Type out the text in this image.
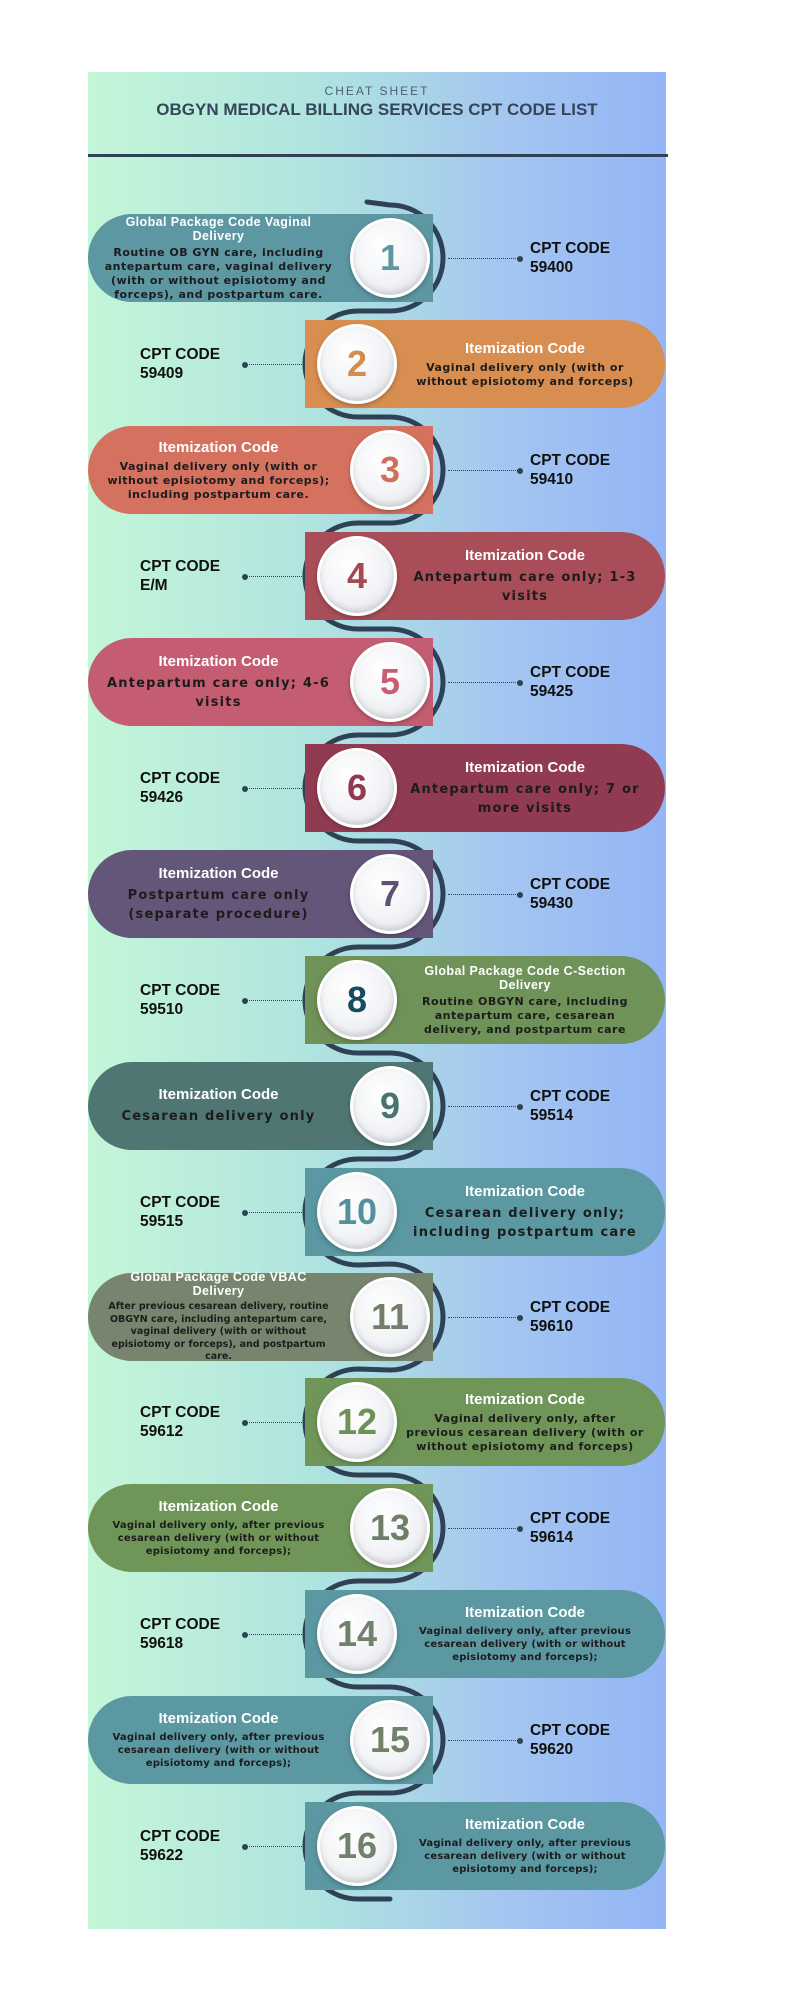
CHEAT SHEET
OBGYN MEDICAL BILLING SERVICES CPT CODE LIST
Global Package Code Vaginal Delivery
Routine OB GYN care, including antepartum care, vaginal delivery (with or without episiotomy and forceps), and postpartum care.
1	CPT CODE
59400
Itemization Code
Vaginal delivery only (with or without episiotomy and forceps)
2
CPT CODE
59409
Itemization Code
Vaginal delivery only (with or without episiotomy and forceps); including postpartum care.
3	CPT CODE
59410
Itemization Code
Antepartum care only; 1-3 visits
4
CPT CODE
E/M
Itemization Code
Antepartum care only; 4-6 visits	5	CPT CODE
59425
Itemization Code
Antepartum care only; 7 or more visits
6
CPT CODE
59426
Itemization Code
Postpartum care only (separate procedure)	7	CPT CODE
59430
Global Package Code C-Section Delivery
Routine OBGYN care, including antepartum care, cesarean delivery, and postpartum care
8
CPT CODE
59510
Itemization Code
Cesarean delivery only	9	CPT CODE
59514
Itemization Code
Cesarean delivery only; including postpartum care
10
CPT CODE
59515
Global Package Code VBAC Delivery
After previous cesarean delivery, routine OBGYN care, including antepartum care, vaginal delivery (with or without episiotomy or forceps), and postpartum care.
11	CPT CODE
59610
Itemization Code
Vaginal delivery only, after previous cesarean delivery (with or without episiotomy and forceps)
12
CPT CODE
59612
Itemization Code
Vaginal delivery only, after previous cesarean delivery (with or without episiotomy and forceps);
13	CPT CODE
59614
Itemization Code
Vaginal delivery only, after previous cesarean delivery (with or without episiotomy and forceps);
14
CPT CODE
59618
Itemization Code
Vaginal delivery only, after previous cesarean delivery (with or without episiotomy and forceps);
15	CPT CODE
59620
Itemization Code
Vaginal delivery only, after previous cesarean delivery (with or without episiotomy and forceps);
16
CPT CODE
59622
